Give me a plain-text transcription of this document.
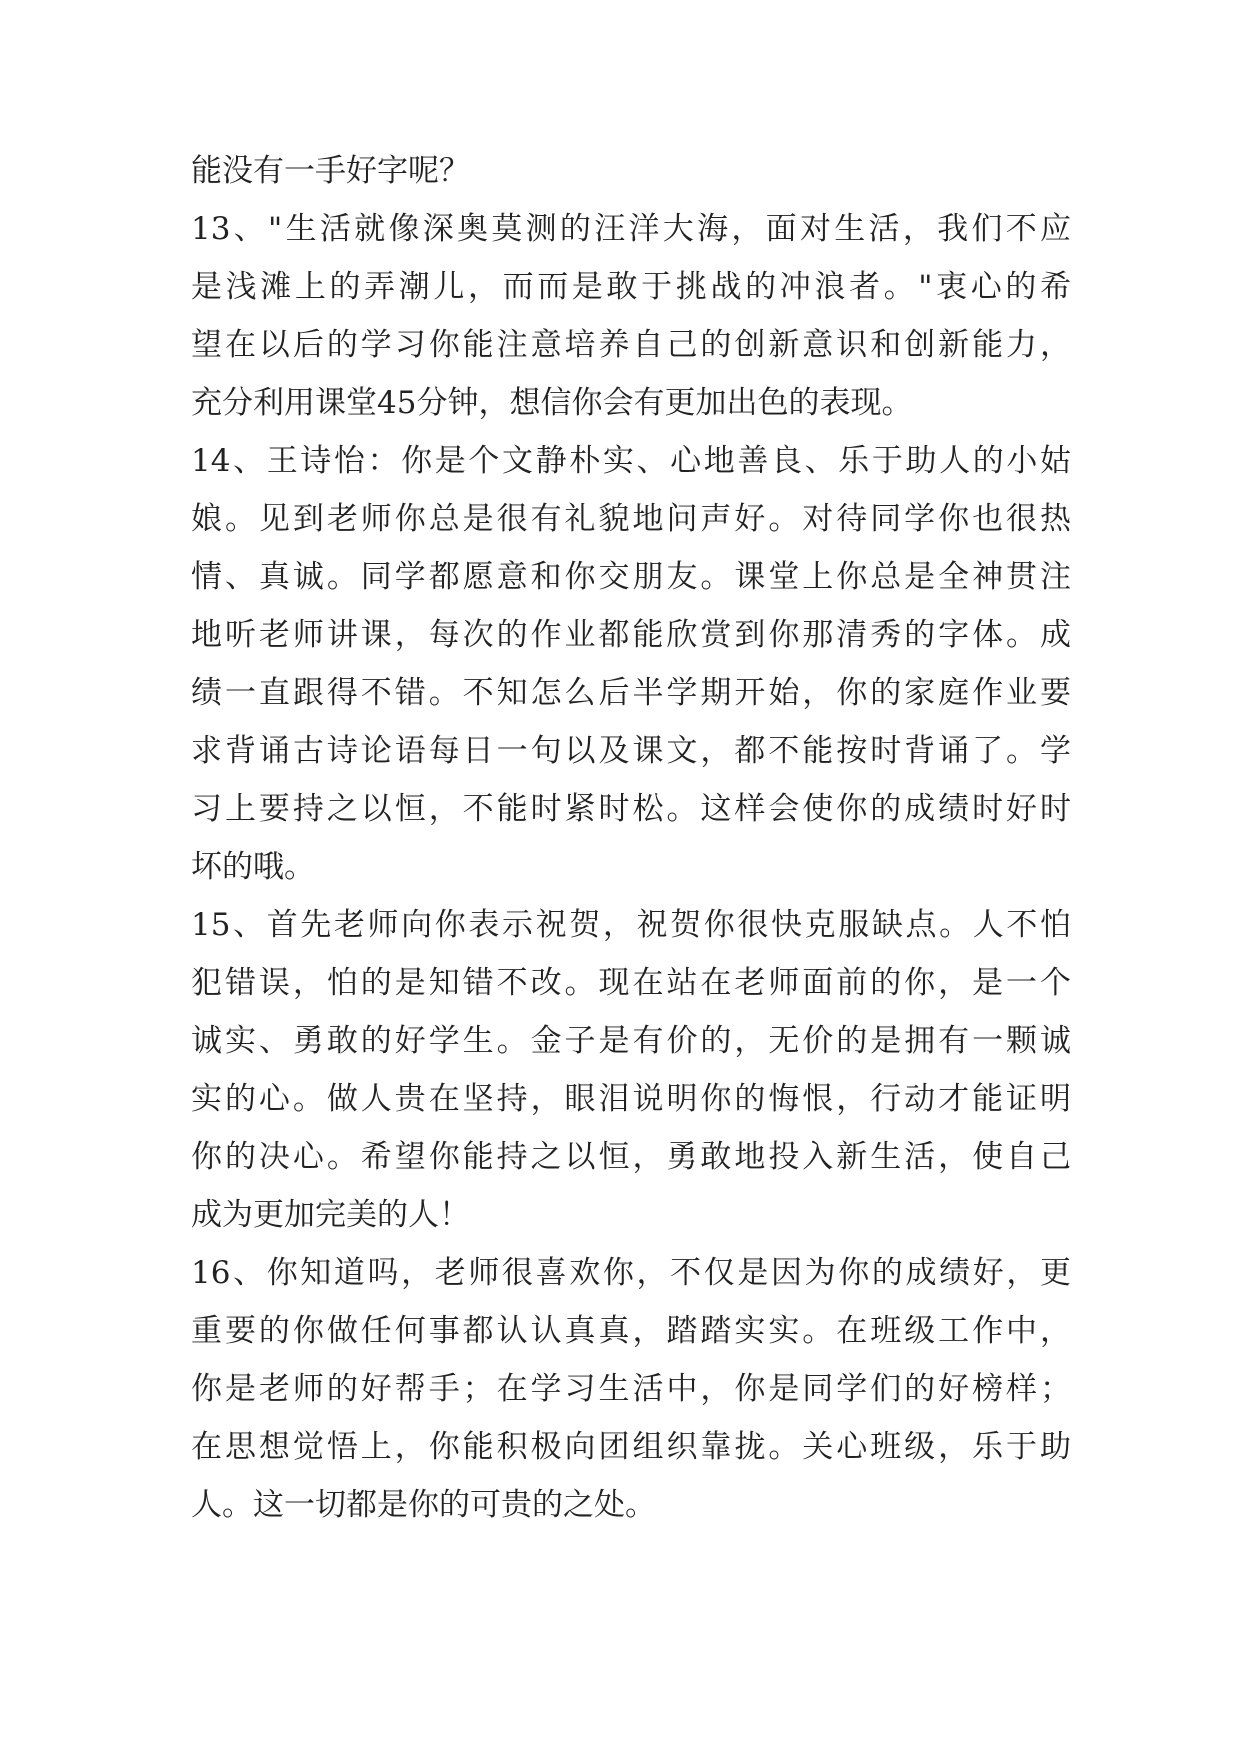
能没有一手好字呢？
13、"生活就像深奥莫测的汪洋大海，面对生活，我们不应
是浅滩上的弄潮儿，而而是敢于挑战的冲浪者。"衷心的希
望在以后的学习你能注意培养自己的创新意识和创新能力，
充分利用课堂45分钟，想信你会有更加出色的表现。
14、王诗怡：你是个文静朴实、心地善良、乐于助人的小姑
娘。见到老师你总是很有礼貌地问声好。对待同学你也很热
情、真诚。同学都愿意和你交朋友。课堂上你总是全神贯注
地听老师讲课，每次的作业都能欣赏到你那清秀的字体。成
绩一直跟得不错。不知怎么后半学期开始，你的家庭作业要
求背诵古诗论语每日一句以及课文，都不能按时背诵了。学
习上要持之以恒，不能时紧时松。这样会使你的成绩时好时
坏的哦。
15、首先老师向你表示祝贺，祝贺你很快克服缺点。人不怕
犯错误，怕的是知错不改。现在站在老师面前的你，是一个
诚实、勇敢的好学生。金子是有价的，无价的是拥有一颗诚
实的心。做人贵在坚持，眼泪说明你的悔恨，行动才能证明
你的决心。希望你能持之以恒，勇敢地投入新生活，使自己
成为更加完美的人！
16、你知道吗，老师很喜欢你，不仅是因为你的成绩好，更
重要的你做任何事都认认真真，踏踏实实。在班级工作中，
你是老师的好帮手；在学习生活中，你是同学们的好榜样；
在思想觉悟上，你能积极向团组织靠拢。关心班级，乐于助
人。这一切都是你的可贵的之处。
